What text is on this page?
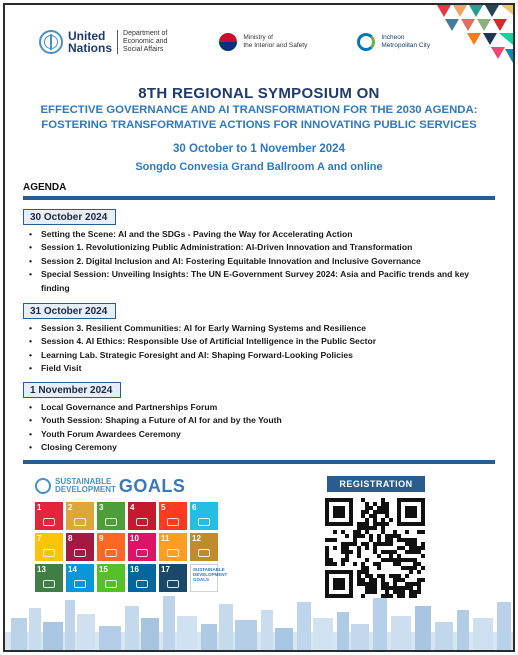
United
Nations
Department of
Economic and
Social Affairs
Ministry of
the Interior and Safety
Incheon
Metropolitan City
8TH REGIONAL SYMPOSIUM ON
EFFECTIVE GOVERNANCE AND AI TRANSFORMATION FOR THE 2030 AGENDA:
FOSTERING TRANSFORMATIVE ACTIONS FOR INNOVATING PUBLIC SERVICES
30 October to 1 November 2024
Songdo Convesia Grand Ballroom A and online
AGENDA
30 October 2024
• Setting the Scene: AI and the SDGs - Paving the Way for Accelerating Action
• Session 1. Revolutionizing Public Administration: AI-Driven Innovation and Transformation
• Session 2. Digital Inclusion and AI: Fostering Equitable Innovation and Inclusive Governance
• Special Session: Unveiling Insights: The UN E-Government Survey 2024: Asia and Pacific trends and key finding
31 October 2024
• Session 3. Resilient Communities: AI for Early Warning Systems and Resilience
• Session 4. AI Ethics: Responsible Use of Artificial Intelligence in the Public Sector
• Learning Lab. Strategic Foresight and AI: Shaping Forward-Looking Policies
• Field Visit
1 November 2024
• Local Governance and Partnerships Forum
• Youth Session: Shaping a Future of AI for and by the Youth
• Youth Forum Awardees Ceremony
• Closing Ceremony
SUSTAINABLE
DEVELOPMENT GOALS
1	2	3	4	5	6
7	8	9	10	11	12
13	14	15	16	17	SUSTAINABLE
DEVELOPMENT
GOALS
REGISTRATION
